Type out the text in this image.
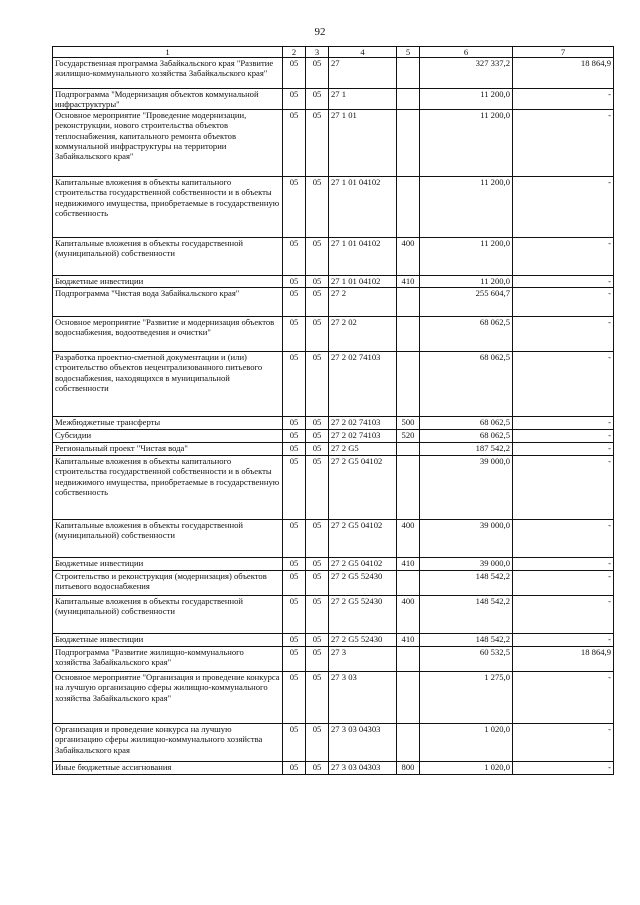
92
1	2	3	4	5	6	7
Государственная программа Забайкальского края "Развитие жилищно-коммунального хозяйства Забайкальского края"	05	05	27		327 337,2	18 864,9
Подпрограмма "Модернизация объектов коммунальной инфраструктуры"	05	05	27 1		11 200,0	-
Основное мероприятие "Проведение модернизации, реконструкции, нового строительства объектов теплоснабжения, капитального ремонта объектов коммунальной инфраструктуры на территории Забайкальского края"	05	05	27 1 01		11 200,0	-
Капитальные вложения в объекты капитального строительства государственной собственности и в объекты недвижимого имущества, приобретаемые в государственную собственность	05	05	27 1 01 04102		11 200,0	-
Капитальные вложения в объекты государственной (муниципальной) собственности	05	05	27 1 01 04102	400	11 200,0	-
Бюджетные инвестиции	05	05	27 1 01 04102	410	11 200,0	-
Подпрограмма "Чистая вода Забайкальского края"	05	05	27 2		255 604,7	-
Основное мероприятие "Развитие и модернизация объектов водоснабжения, водоотведения и очистки"	05	05	27 2 02		68 062,5	-
Разработка проектно-сметной документации и (или) строительство объектов нецентрализованного питьевого водоснабжения, находящихся в муниципальной собственности	05	05	27 2 02 74103		68 062,5	-
Межбюджетные трансферты	05	05	27 2 02 74103	500	68 062,5	-
Субсидии	05	05	27 2 02 74103	520	68 062,5	-
Региональный проект "Чистая вода"	05	05	27 2 G5		187 542,2	-
Капитальные вложения в объекты капитального строительства государственной собственности и в объекты недвижимого имущества, приобретаемые в государственную собственность	05	05	27 2 G5 04102		39 000,0	-
Капитальные вложения в объекты государственной (муниципальной) собственности	05	05	27 2 G5 04102	400	39 000,0	-
Бюджетные инвестиции	05	05	27 2 G5 04102	410	39 000,0	-
Строительство и реконструкция (модернизация) объектов питьевого водоснабжения	05	05	27 2 G5 52430		148 542,2	-
Капитальные вложения в объекты государственной (муниципальной) собственности	05	05	27 2 G5 52430	400	148 542,2	-
Бюджетные инвестиции	05	05	27 2 G5 52430	410	148 542,2	-
Подпрограмма "Развитие жилищно-коммунального хозяйства Забайкальского края"	05	05	27 3		60 532,5	18 864,9
Основное мероприятие "Организация и проведение конкурса на лучшую организацию сферы жилищно-коммунального хозяйства Забайкальского края"	05	05	27 3 03		1 275,0	-
Организация и проведение конкурса на лучшую организацию сферы жилищно-коммунального хозяйства Забайкальского края	05	05	27 3 03 04303		1 020,0	-
Иные бюджетные ассигнования	05	05	27 3 03 04303	800	1 020,0	-
